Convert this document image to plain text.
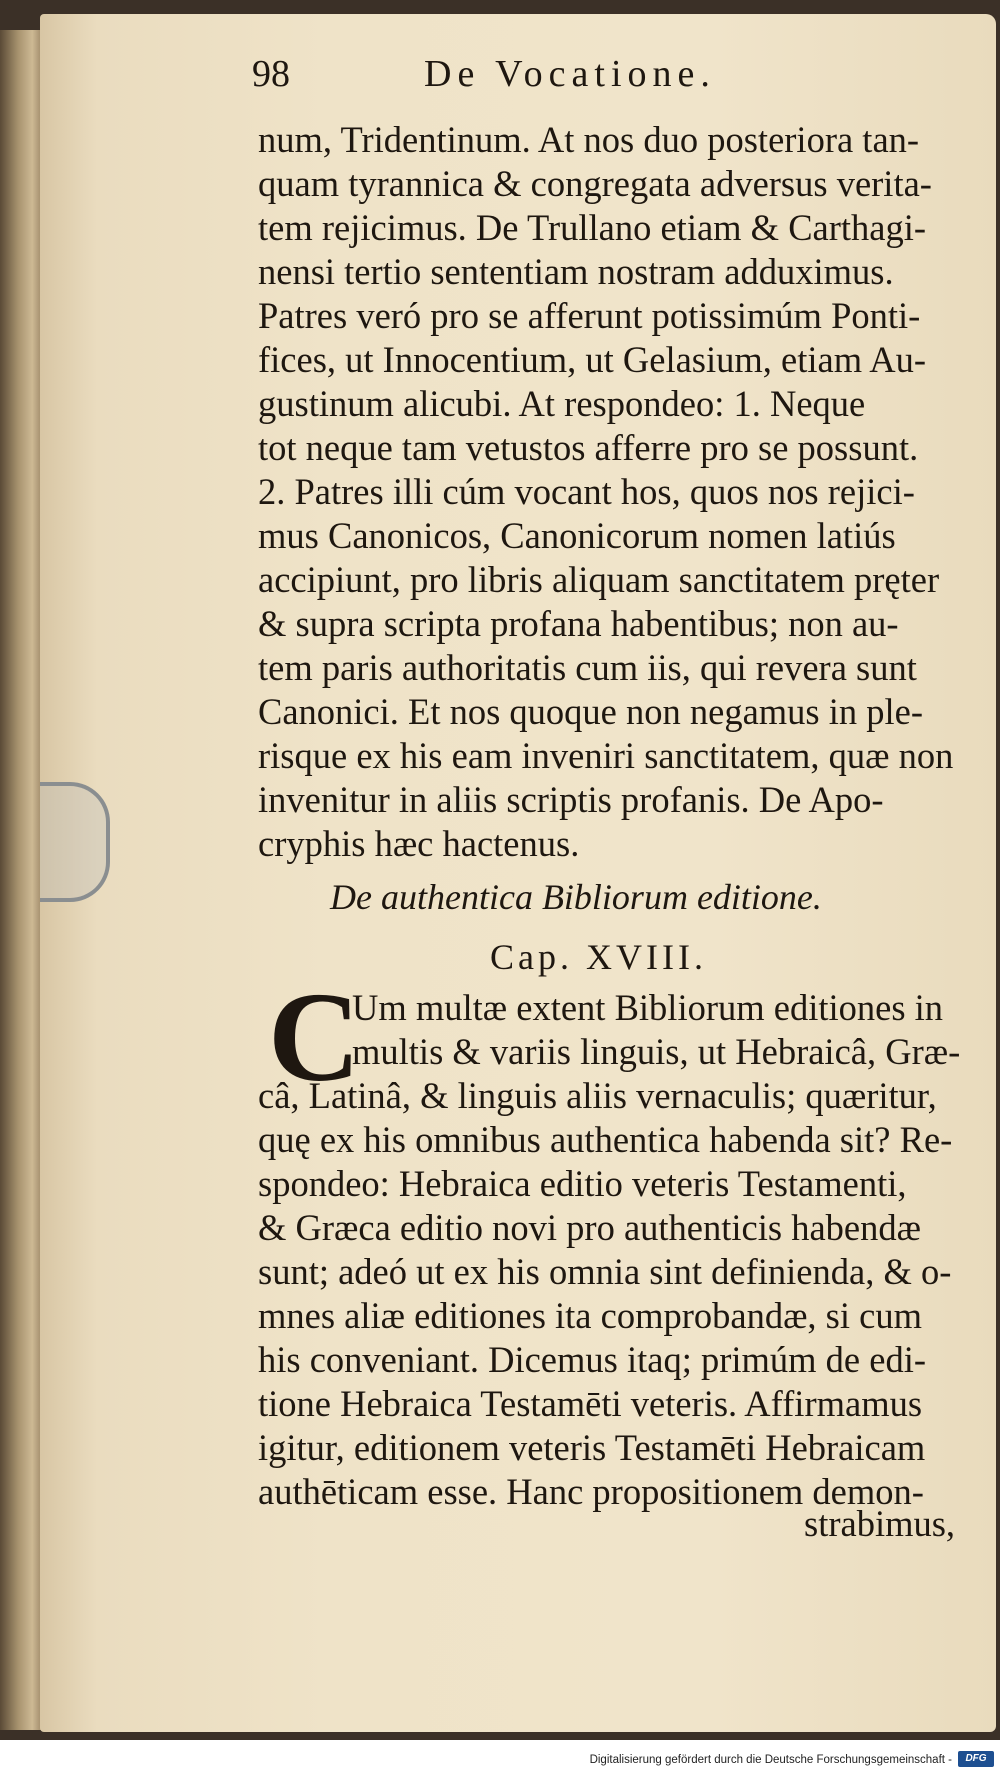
98	De Vocatione.

num, Tridentinum. At nos duo posteriora tan-

quam tyrannica & congregata adversus verita-

tem rejicimus. De Trullano etiam & Carthagi-

nensi tertio sententiam nostram adduximus.

Patres veró pro se afferunt potissimúm Ponti-

fices, ut Innocentium, ut Gelasium, etiam Au-

gustinum alicubi. At respondeo: 1. Neque

tot neque tam vetustos afferre pro se possunt.

2. Patres illi cúm vocant hos, quos nos rejici-

mus Canonicos, Canonicorum nomen latiús

accipiunt, pro libris aliquam sanctitatem pręter

& supra scripta profana habentibus; non au-

tem paris authoritatis cum iis, qui revera sunt

Canonici. Et nos quoque non negamus in ple-

risque ex his eam inveniri sanctitatem, quæ non

invenitur in aliis scriptis profanis. De Apo-

cryphis hæc hactenus.

De authentica Bibliorum editione.

Cap. XVIII.

C

Um multæ extent Bibliorum editiones in

multis & variis linguis, ut Hebraicâ, Græ-

câ, Latinâ, & linguis aliis vernaculis; quæritur,

quę ex his omnibus authentica habenda sit? Re-

spondeo: Hebraica editio veteris Testamenti,

& Græca editio novi pro authenticis habendæ

sunt; adeó ut ex his omnia sint definienda, & o-

mnes aliæ editiones ita comprobandæ, si cum

his conveniant. Dicemus itaq; primúm de edi-

tione Hebraica Testamēti veteris. Affirmamus

igitur, editionem veteris Testamēti Hebraicam

authēticam esse. Hanc propositionem demon-

strabimus,

Digitalisierung gefördert durch die Deutsche Forschungsgemeinschaft -	DFG
